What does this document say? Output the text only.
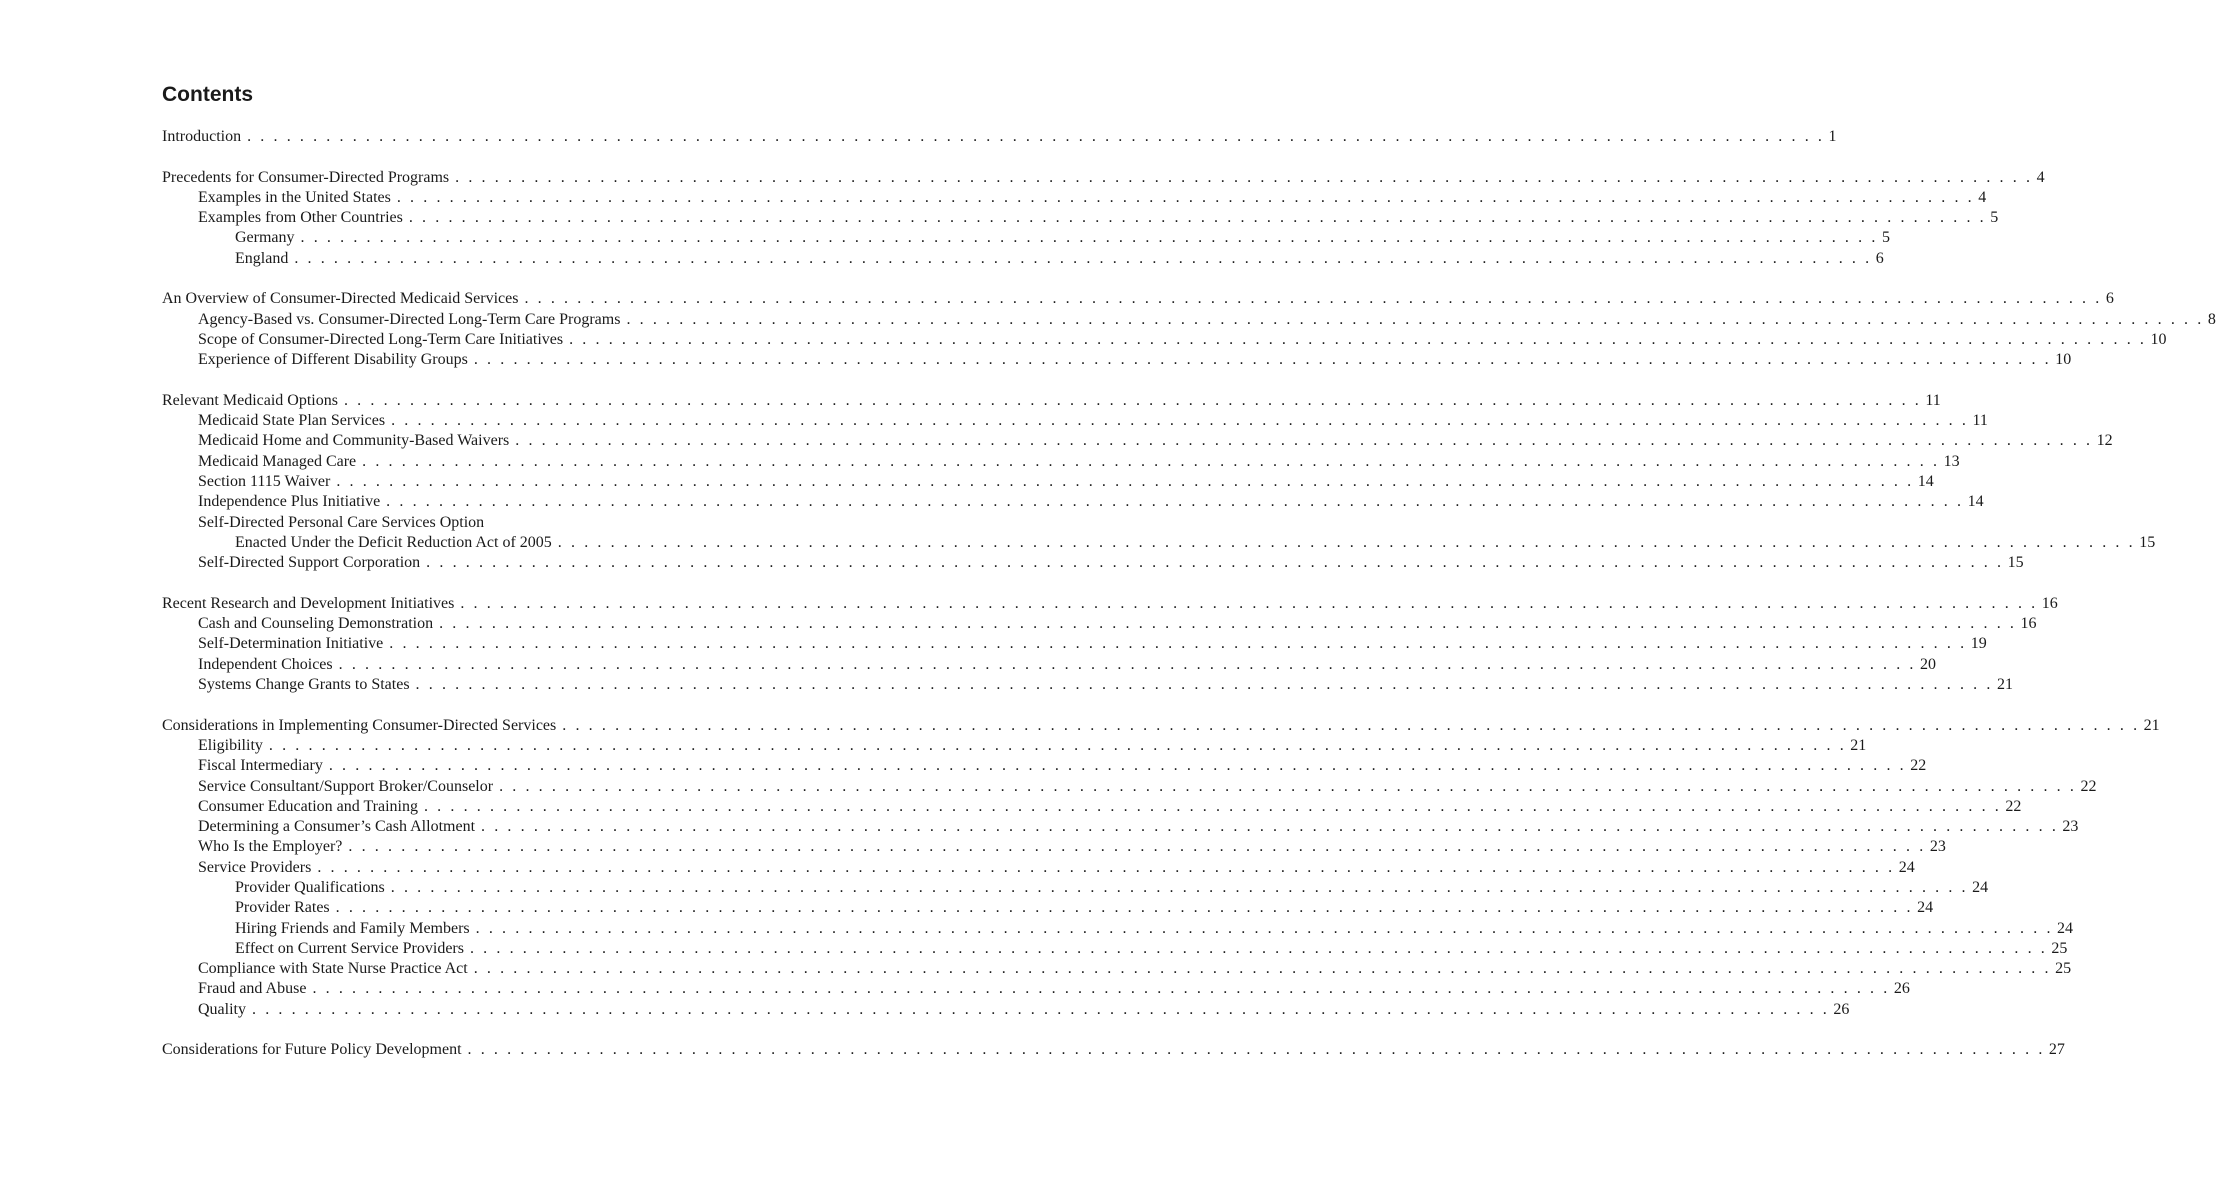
Contents
Introduction . . . . . . . . . . . . . . . . . . . . . . . . . . . . . . . . . . . . . . . . . . . . . . . . . . . . . . . . . . . . . . . . . . . . . . . . . . . . . . . . . . . . . . . . . . . . . . . . . . . . . . . . . . . . . . . . . . . . . . . . 1
Precedents for Consumer-Directed Programs . . . . . . . . . . . . . . . . . . . . . . . . . . . . . . . . . . . . . . . . . . . . . . . . . . . . . . . . . . . . . . . . . . . . . . . . . . . . . . . . . . . . . . . . . . . . . . . . . . . . . . . . . . . . . . . . . . . . . . . . 4
Examples in the United States . . . . . . . . . . . . . . . . . . . . . . . . . . . . . . . . . . . . . . . . . . . . . . . . . . . . . . . . . . . . . . . . . . . . . . . . . . . . . . . . . . . . . . . . . . . . . . . . . . . . . . . . . . . . . . . . . . . . . . . . 4
Examples from Other Countries . . . . . . . . . . . . . . . . . . . . . . . . . . . . . . . . . . . . . . . . . . . . . . . . . . . . . . . . . . . . . . . . . . . . . . . . . . . . . . . . . . . . . . . . . . . . . . . . . . . . . . . . . . . . . . . . . . . . . . . . 5
Germany . . . . . . . . . . . . . . . . . . . . . . . . . . . . . . . . . . . . . . . . . . . . . . . . . . . . . . . . . . . . . . . . . . . . . . . . . . . . . . . . . . . . . . . . . . . . . . . . . . . . . . . . . . . . . . . . . . . . . . . . 5
England . . . . . . . . . . . . . . . . . . . . . . . . . . . . . . . . . . . . . . . . . . . . . . . . . . . . . . . . . . . . . . . . . . . . . . . . . . . . . . . . . . . . . . . . . . . . . . . . . . . . . . . . . . . . . . . . . . . . . . . . 6
An Overview of Consumer-Directed Medicaid Services . . . . . . . . . . . . . . . . . . . . . . . . . . . . . . . . . . . . . . . . . . . . . . . . . . . . . . . . . . . . . . . . . . . . . . . . . . . . . . . . . . . . . . . . . . . . . . . . . . . . . . . . . . . . . . . . . . . . . . . . 6
Agency-Based vs. Consumer-Directed Long-Term Care Programs . . . . . . . . . . . . . . . . . . . . . . . . . . . . . . . . . . . . . . . . . . . . . . . . . . . . . . . . . . . . . . . . . . . . . . . . . . . . . . . . . . . . . . . . . . . . . . . . . . . . . . . . . . . . . . . . . . . . . . . . 8
Scope of Consumer-Directed Long-Term Care Initiatives . . . . . . . . . . . . . . . . . . . . . . . . . . . . . . . . . . . . . . . . . . . . . . . . . . . . . . . . . . . . . . . . . . . . . . . . . . . . . . . . . . . . . . . . . . . . . . . . . . . . . . . . . . . . . . . . . . . . . . . . 10
Experience of Different Disability Groups . . . . . . . . . . . . . . . . . . . . . . . . . . . . . . . . . . . . . . . . . . . . . . . . . . . . . . . . . . . . . . . . . . . . . . . . . . . . . . . . . . . . . . . . . . . . . . . . . . . . . . . . . . . . . . . . . . . . . . . . 10
Relevant Medicaid Options . . . . . . . . . . . . . . . . . . . . . . . . . . . . . . . . . . . . . . . . . . . . . . . . . . . . . . . . . . . . . . . . . . . . . . . . . . . . . . . . . . . . . . . . . . . . . . . . . . . . . . . . . . . . . . . . . . . . . . . . 11
Medicaid State Plan Services . . . . . . . . . . . . . . . . . . . . . . . . . . . . . . . . . . . . . . . . . . . . . . . . . . . . . . . . . . . . . . . . . . . . . . . . . . . . . . . . . . . . . . . . . . . . . . . . . . . . . . . . . . . . . . . . . . . . . . . . 11
Medicaid Home and Community-Based Waivers . . . . . . . . . . . . . . . . . . . . . . . . . . . . . . . . . . . . . . . . . . . . . . . . . . . . . . . . . . . . . . . . . . . . . . . . . . . . . . . . . . . . . . . . . . . . . . . . . . . . . . . . . . . . . . . . . . . . . . . . 12
Medicaid Managed Care . . . . . . . . . . . . . . . . . . . . . . . . . . . . . . . . . . . . . . . . . . . . . . . . . . . . . . . . . . . . . . . . . . . . . . . . . . . . . . . . . . . . . . . . . . . . . . . . . . . . . . . . . . . . . . . . . . . . . . . . 13
Section 1115 Waiver . . . . . . . . . . . . . . . . . . . . . . . . . . . . . . . . . . . . . . . . . . . . . . . . . . . . . . . . . . . . . . . . . . . . . . . . . . . . . . . . . . . . . . . . . . . . . . . . . . . . . . . . . . . . . . . . . . . . . . . . 14
Independence Plus Initiative . . . . . . . . . . . . . . . . . . . . . . . . . . . . . . . . . . . . . . . . . . . . . . . . . . . . . . . . . . . . . . . . . . . . . . . . . . . . . . . . . . . . . . . . . . . . . . . . . . . . . . . . . . . . . . . . . . . . . . . . 14
Self-Directed Personal Care Services Option
Enacted Under the Deficit Reduction Act of 2005 . . . . . . . . . . . . . . . . . . . . . . . . . . . . . . . . . . . . . . . . . . . . . . . . . . . . . . . . . . . . . . . . . . . . . . . . . . . . . . . . . . . . . . . . . . . . . . . . . . . . . . . . . . . . . . . . . . . . . . . . 15
Self-Directed Support Corporation . . . . . . . . . . . . . . . . . . . . . . . . . . . . . . . . . . . . . . . . . . . . . . . . . . . . . . . . . . . . . . . . . . . . . . . . . . . . . . . . . . . . . . . . . . . . . . . . . . . . . . . . . . . . . . . . . . . . . . . . 15
Recent Research and Development Initiatives . . . . . . . . . . . . . . . . . . . . . . . . . . . . . . . . . . . . . . . . . . . . . . . . . . . . . . . . . . . . . . . . . . . . . . . . . . . . . . . . . . . . . . . . . . . . . . . . . . . . . . . . . . . . . . . . . . . . . . . . 16
Cash and Counseling Demonstration . . . . . . . . . . . . . . . . . . . . . . . . . . . . . . . . . . . . . . . . . . . . . . . . . . . . . . . . . . . . . . . . . . . . . . . . . . . . . . . . . . . . . . . . . . . . . . . . . . . . . . . . . . . . . . . . . . . . . . . . 16
Self-Determination Initiative . . . . . . . . . . . . . . . . . . . . . . . . . . . . . . . . . . . . . . . . . . . . . . . . . . . . . . . . . . . . . . . . . . . . . . . . . . . . . . . . . . . . . . . . . . . . . . . . . . . . . . . . . . . . . . . . . . . . . . . . 19
Independent Choices . . . . . . . . . . . . . . . . . . . . . . . . . . . . . . . . . . . . . . . . . . . . . . . . . . . . . . . . . . . . . . . . . . . . . . . . . . . . . . . . . . . . . . . . . . . . . . . . . . . . . . . . . . . . . . . . . . . . . . . . 20
Systems Change Grants to States . . . . . . . . . . . . . . . . . . . . . . . . . . . . . . . . . . . . . . . . . . . . . . . . . . . . . . . . . . . . . . . . . . . . . . . . . . . . . . . . . . . . . . . . . . . . . . . . . . . . . . . . . . . . . . . . . . . . . . . . 21
Considerations in Implementing Consumer-Directed Services . . . . . . . . . . . . . . . . . . . . . . . . . . . . . . . . . . . . . . . . . . . . . . . . . . . . . . . . . . . . . . . . . . . . . . . . . . . . . . . . . . . . . . . . . . . . . . . . . . . . . . . . . . . . . . . . . . . . . . . . 21
Eligibility . . . . . . . . . . . . . . . . . . . . . . . . . . . . . . . . . . . . . . . . . . . . . . . . . . . . . . . . . . . . . . . . . . . . . . . . . . . . . . . . . . . . . . . . . . . . . . . . . . . . . . . . . . . . . . . . . . . . . . . . 21
Fiscal Intermediary . . . . . . . . . . . . . . . . . . . . . . . . . . . . . . . . . . . . . . . . . . . . . . . . . . . . . . . . . . . . . . . . . . . . . . . . . . . . . . . . . . . . . . . . . . . . . . . . . . . . . . . . . . . . . . . . . . . . . . . . 22
Service Consultant/Support Broker/Counselor . . . . . . . . . . . . . . . . . . . . . . . . . . . . . . . . . . . . . . . . . . . . . . . . . . . . . . . . . . . . . . . . . . . . . . . . . . . . . . . . . . . . . . . . . . . . . . . . . . . . . . . . . . . . . . . . . . . . . . . . 22
Consumer Education and Training . . . . . . . . . . . . . . . . . . . . . . . . . . . . . . . . . . . . . . . . . . . . . . . . . . . . . . . . . . . . . . . . . . . . . . . . . . . . . . . . . . . . . . . . . . . . . . . . . . . . . . . . . . . . . . . . . . . . . . . . 22
Determining a Consumer’s Cash Allotment . . . . . . . . . . . . . . . . . . . . . . . . . . . . . . . . . . . . . . . . . . . . . . . . . . . . . . . . . . . . . . . . . . . . . . . . . . . . . . . . . . . . . . . . . . . . . . . . . . . . . . . . . . . . . . . . . . . . . . . . 23
Who Is the Employer? . . . . . . . . . . . . . . . . . . . . . . . . . . . . . . . . . . . . . . . . . . . . . . . . . . . . . . . . . . . . . . . . . . . . . . . . . . . . . . . . . . . . . . . . . . . . . . . . . . . . . . . . . . . . . . . . . . . . . . . . 23
Service Providers . . . . . . . . . . . . . . . . . . . . . . . . . . . . . . . . . . . . . . . . . . . . . . . . . . . . . . . . . . . . . . . . . . . . . . . . . . . . . . . . . . . . . . . . . . . . . . . . . . . . . . . . . . . . . . . . . . . . . . . . 24
Provider Qualifications . . . . . . . . . . . . . . . . . . . . . . . . . . . . . . . . . . . . . . . . . . . . . . . . . . . . . . . . . . . . . . . . . . . . . . . . . . . . . . . . . . . . . . . . . . . . . . . . . . . . . . . . . . . . . . . . . . . . . . . . 24
Provider Rates . . . . . . . . . . . . . . . . . . . . . . . . . . . . . . . . . . . . . . . . . . . . . . . . . . . . . . . . . . . . . . . . . . . . . . . . . . . . . . . . . . . . . . . . . . . . . . . . . . . . . . . . . . . . . . . . . . . . . . . . 24
Hiring Friends and Family Members . . . . . . . . . . . . . . . . . . . . . . . . . . . . . . . . . . . . . . . . . . . . . . . . . . . . . . . . . . . . . . . . . . . . . . . . . . . . . . . . . . . . . . . . . . . . . . . . . . . . . . . . . . . . . . . . . . . . . . . . 24
Effect on Current Service Providers . . . . . . . . . . . . . . . . . . . . . . . . . . . . . . . . . . . . . . . . . . . . . . . . . . . . . . . . . . . . . . . . . . . . . . . . . . . . . . . . . . . . . . . . . . . . . . . . . . . . . . . . . . . . . . . . . . . . . . . . 25
Compliance with State Nurse Practice Act . . . . . . . . . . . . . . . . . . . . . . . . . . . . . . . . . . . . . . . . . . . . . . . . . . . . . . . . . . . . . . . . . . . . . . . . . . . . . . . . . . . . . . . . . . . . . . . . . . . . . . . . . . . . . . . . . . . . . . . . 25
Fraud and Abuse . . . . . . . . . . . . . . . . . . . . . . . . . . . . . . . . . . . . . . . . . . . . . . . . . . . . . . . . . . . . . . . . . . . . . . . . . . . . . . . . . . . . . . . . . . . . . . . . . . . . . . . . . . . . . . . . . . . . . . . . 26
Quality . . . . . . . . . . . . . . . . . . . . . . . . . . . . . . . . . . . . . . . . . . . . . . . . . . . . . . . . . . . . . . . . . . . . . . . . . . . . . . . . . . . . . . . . . . . . . . . . . . . . . . . . . . . . . . . . . . . . . . . . 26
Considerations for Future Policy Development . . . . . . . . . . . . . . . . . . . . . . . . . . . . . . . . . . . . . . . . . . . . . . . . . . . . . . . . . . . . . . . . . . . . . . . . . . . . . . . . . . . . . . . . . . . . . . . . . . . . . . . . . . . . . . . . . . . . . . . . 27
